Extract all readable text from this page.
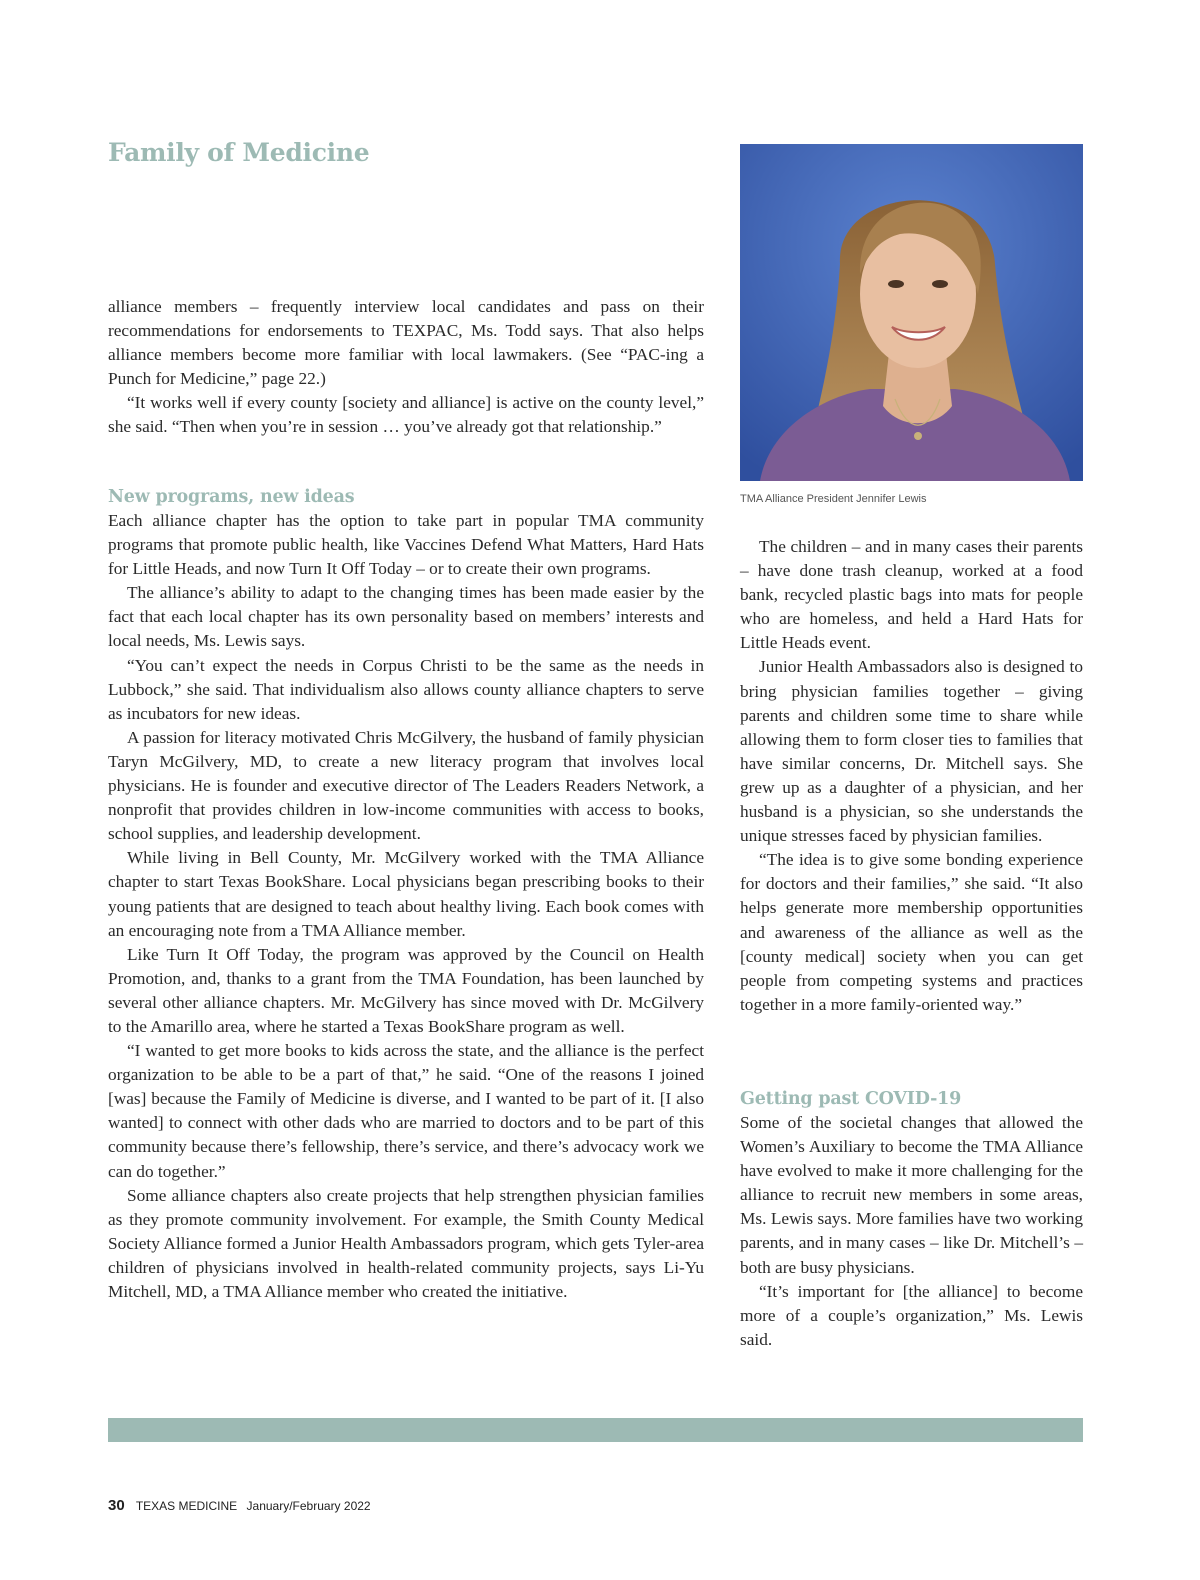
Family of Medicine

alliance members – frequently interview local candidates and pass on their recommendations for endorsements to TEXPAC, Ms. Todd says. That also helps alliance members become more familiar with local lawmakers. (See “PAC-ing a Punch for Medicine,” page 22.)

“It works well if every county [society and alliance] is active on the county level,” she said. “Then when you’re in session … you’ve already got that relationship.”

New programs, new ideas

Each alliance chapter has the option to take part in popular TMA community programs that promote public health, like Vaccines Defend What Matters, Hard Hats for Little Heads, and now Turn It Off Today – or to create their own programs.

The alliance’s ability to adapt to the changing times has been made easier by the fact that each local chapter has its own personality based on members’ interests and local needs, Ms. Lewis says.

“You can’t expect the needs in Corpus Christi to be the same as the needs in Lubbock,” she said. That individualism also allows county alliance chapters to serve as incubators for new ideas.

A passion for literacy motivated Chris McGilvery, the husband of family physician Taryn McGilvery, MD, to create a new literacy program that involves local physicians. He is founder and executive director of The Leaders Readers Network, a nonprofit that provides children in low-income communities with access to books, school supplies, and leadership development.

While living in Bell County, Mr. McGilvery worked with the TMA Alliance chapter to start Texas BookShare. Local physicians began prescribing books to their young patients that are designed to teach about healthy living. Each book comes with an encouraging note from a TMA Alliance member.

Like Turn It Off Today, the program was approved by the Council on Health Promotion, and, thanks to a grant from the TMA Foundation, has been launched by several other alliance chapters. Mr. McGilvery has since moved with Dr. McGilvery to the Amarillo area, where he started a Texas BookShare program as well.

“I wanted to get more books to kids across the state, and the alliance is the perfect organization to be able to be a part of that,” he said. “One of the reasons I joined [was] because the Family of Medicine is diverse, and I wanted to be part of it. [I also wanted] to connect with other dads who are married to doctors and to be part of this community because there’s fellowship, there’s service, and there’s advocacy work we can do together.”

Some alliance chapters also create projects that help strengthen physician families as they promote community involvement. For example, the Smith County Medical Society Alliance formed a Junior Health Ambassadors program, which gets Tyler-area children of physicians involved in health-related community projects, says Li-Yu Mitchell, MD, a TMA Alliance member who created the initiative.

TMA Alliance President Jennifer Lewis

The children – and in many cases their parents – have done trash cleanup, worked at a food bank, recycled plastic bags into mats for people who are homeless, and held a Hard Hats for Little Heads event.

Junior Health Ambassadors also is designed to bring physician families together – giving parents and children some time to share while allowing them to form closer ties to families that have similar concerns, Dr. Mitchell says. She grew up as a daughter of a physician, and her husband is a physician, so she understands the unique stresses faced by physician families.

“The idea is to give some bonding experience for doctors and their families,” she said. “It also helps generate more membership opportunities and awareness of the alliance as well as the [county medical] society when you can get people from competing systems and practices together in a more family-oriented way.”

Getting past COVID-19

Some of the societal changes that allowed the Women’s Auxiliary to become the TMA Alliance have evolved to make it more challenging for the alliance to recruit new members in some areas, Ms. Lewis says. More families have two working parents, and in many cases – like Dr. Mitchell’s – both are busy physicians.

“It’s important for [the alliance] to become more of a couple’s organization,” Ms. Lewis said.

30 TEXAS MEDICINE January/February 2022
